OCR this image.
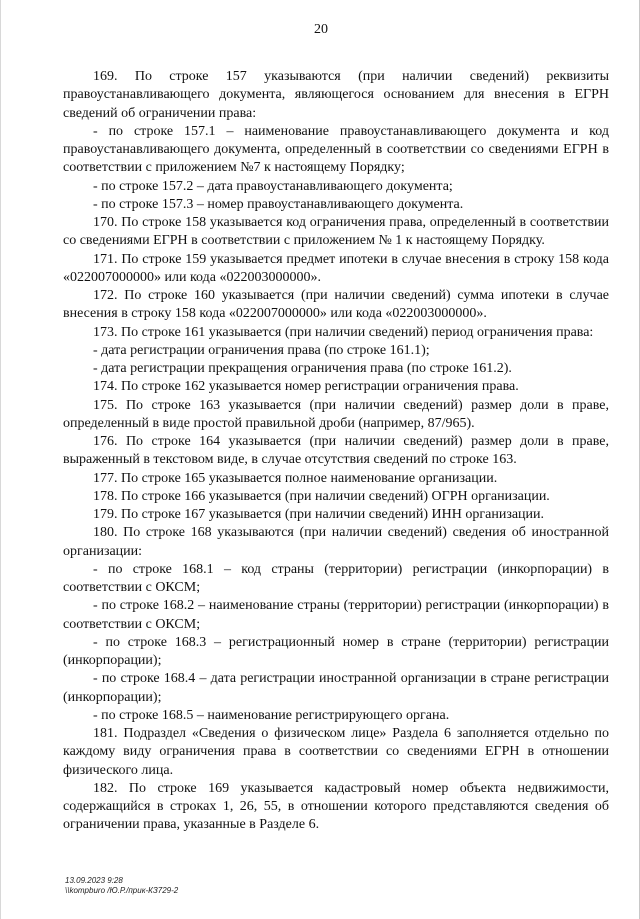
20

169. По строке 157 указываются (при наличии сведений) реквизиты правоустанавливающего документа, являющегося основанием для внесения в ЕГРН сведений об ограничении права:

- по строке 157.1 – наименование правоустанавливающего документа и код правоустанавливающего документа, определенный в соответствии со сведениями ЕГРН в соответствии с приложением №7 к настоящему Порядку;

- по строке 157.2 – дата правоустанавливающего документа;

- по строке 157.3 – номер правоустанавливающего документа.

170. По строке 158 указывается код ограничения права, определенный в соответствии со сведениями ЕГРН в соответствии с приложением № 1 к настоящему Порядку.

171. По строке 159 указывается предмет ипотеки в случае внесения в строку 158 кода «022007000000» или кода «022003000000».

172. По строке 160 указывается (при наличии сведений) сумма ипотеки в случае внесения в строку 158 кода «022007000000» или кода «022003000000».

173. По строке 161 указывается (при наличии сведений) период ограничения права:

- дата регистрации ограничения права (по строке 161.1);

- дата регистрации прекращения ограничения права (по строке 161.2).

174. По строке 162 указывается номер регистрации ограничения права.

175. По строке 163 указывается (при наличии сведений) размер доли в праве, определенный в виде простой правильной дроби (например, 87/965).

176. По строке 164 указывается (при наличии сведений) размер доли в праве, выраженный в текстовом виде, в случае отсутствия сведений по строке 163.

177. По строке 165 указывается полное наименование организации.

178. По строке 166 указывается (при наличии сведений) ОГРН организации.

179. По строке 167 указывается (при наличии сведений) ИНН организации.

180. По строке 168 указываются (при наличии сведений) сведения об иностранной организации:

- по строке 168.1 – код страны (территории) регистрации (инкорпорации) в соответствии с ОКСМ;

- по строке 168.2 – наименование страны (территории) регистрации (инкорпорации) в соответствии с ОКСМ;

- по строке 168.3 – регистрационный номер в стране (территории) регистрации (инкорпорации);

- по строке 168.4 – дата регистрации иностранной организации в стране регистрации (инкорпорации);

- по строке 168.5 – наименование регистрирующего органа.

181. Подраздел «Сведения о физическом лице» Раздела 6 заполняется отдельно по каждому виду ограничения права в соответствии со сведениями ЕГРН в отношении физического лица.

182. По строке 169 указывается кадастровый номер объекта недвижимости, содержащийся в строках 1, 26, 55, в отношении которого представляются сведения об ограничении права, указанные в Разделе 6.

13.09.2023 9:28
\\kompburo /Ю.Р./прик-КЗ729-2
